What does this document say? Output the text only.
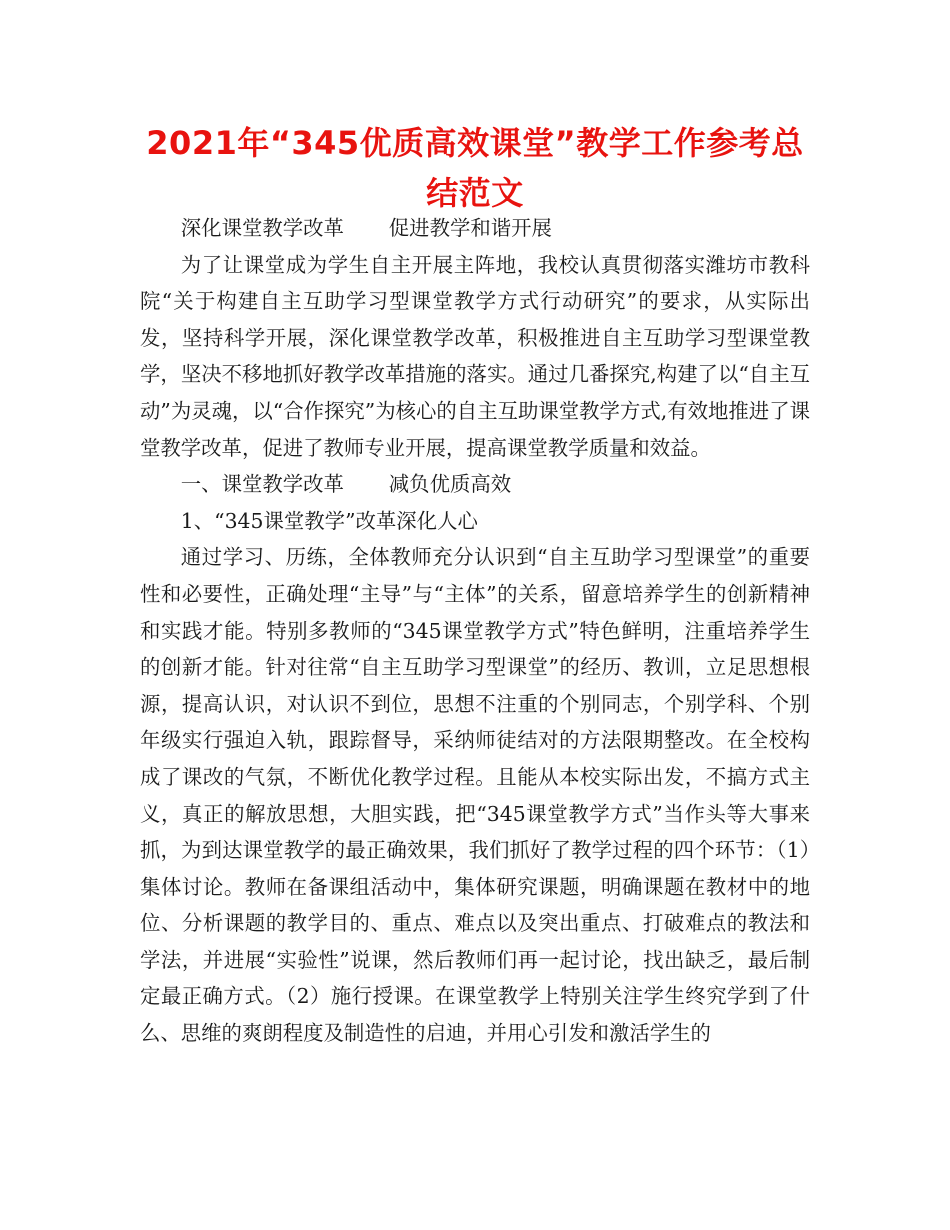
2021年“345优质高效课堂”教学工作参考总结范文

深化课堂教学改革 促进教学和谐开展

为了让课堂成为学生自主开展主阵地，我校认真贯彻落实潍坊市教科院“关于构建自主互助学习型课堂教学方式行动研究”的要求，从实际出发，坚持科学开展，深化课堂教学改革，积极推进自主互助学习型课堂教学，坚决不移地抓好教学改革措施的落实。通过几番探究,构建了以“自主互动”为灵魂，以“合作探究”为核心的自主互助课堂教学方式,有效地推进了课堂教学改革，促进了教师专业开展，提高课堂教学质量和效益。

一、课堂教学改革 减负优质高效

1、“345课堂教学”改革深化人心

通过学习、历练，全体教师充分认识到“自主互助学习型课堂”的重要性和必要性，正确处理“主导”与“主体”的关系，留意培养学生的创新精神和实践才能。特别多教师的“345课堂教学方式”特色鲜明，注重培养学生的创新才能。针对往常“自主互助学习型课堂”的经历、教训，立足思想根源，提高认识，对认识不到位，思想不注重的个别同志，个别学科、个别年级实行强迫入轨，跟踪督导，采纳师徒结对的方法限期整改。在全校构成了课改的气氛，不断优化教学过程。且能从本校实际出发，不搞方式主义，真正的解放思想，大胆实践，把“345课堂教学方式”当作头等大事来抓，为到达课堂教学的最正确效果，我们抓好了教学过程的四个环节：（1）集体讨论。教师在备课组活动中，集体研究课题，明确课题在教材中的地位、分析课题的教学目的、重点、难点以及突出重点、打破难点的教法和学法，并进展“实验性”说课，然后教师们再一起讨论，找出缺乏，最后制定最正确方式。（2）施行授课。在课堂教学上特别关注学生终究学到了什么、思维的爽朗程度及制造性的启迪，并用心引发和激活学生的
